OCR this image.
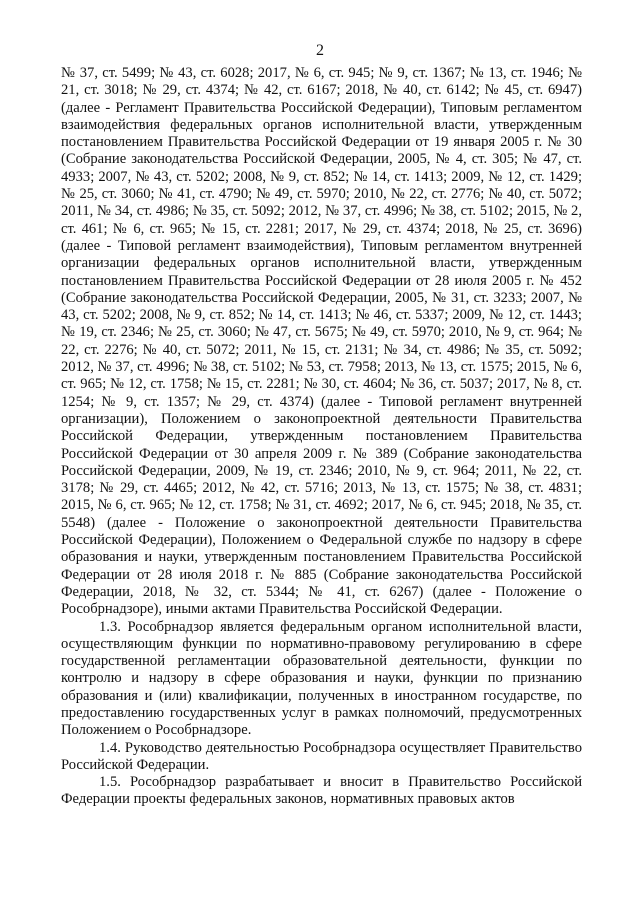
2

№ 37, ст. 5499; № 43, ст. 6028; 2017, № 6, ст. 945; № 9, ст. 1367; № 13, ст. 1946; № 21, ст. 3018; № 29, ст. 4374; № 42, ст. 6167; 2018, № 40, ст. 6142; № 45, ст. 6947) (далее - Регламент Правительства Российской Федерации), Типовым регламентом взаимодействия федеральных органов исполнительной власти, утвержденным постановлением Правительства Российской Федерации от 19 января 2005 г. № 30 (Собрание законодательства Российской Федерации, 2005, № 4, ст. 305; № 47, ст. 4933; 2007, № 43, ст. 5202; 2008, № 9, ст. 852; № 14, ст. 1413; 2009, № 12, ст. 1429; № 25, ст. 3060; № 41, ст. 4790; № 49, ст. 5970; 2010, № 22, ст. 2776; № 40, ст. 5072; 2011, № 34, ст. 4986; № 35, ст. 5092; 2012, № 37, ст. 4996; № 38, ст. 5102; 2015, № 2, ст. 461; № 6, ст. 965; № 15, ст. 2281; 2017, № 29, ст. 4374; 2018, № 25, ст. 3696) (далее - Типовой регламент взаимодействия), Типовым регламентом внутренней организации федеральных органов исполнительной власти, утвержденным постановлением Правительства Российской Федерации от 28 июля 2005 г. № 452 (Собрание законодательства Российской Федерации, 2005, № 31, ст. 3233; 2007, № 43, ст. 5202; 2008, № 9, ст. 852; № 14, ст. 1413; № 46, ст. 5337; 2009, № 12, ст. 1443; № 19, ст. 2346; № 25, ст. 3060; № 47, ст. 5675; № 49, ст. 5970; 2010, № 9, ст. 964; № 22, ст. 2276; № 40, ст. 5072; 2011, № 15, ст. 2131; № 34, ст. 4986; № 35, ст. 5092; 2012, № 37, ст. 4996; № 38, ст. 5102; № 53, ст. 7958; 2013, № 13, ст. 1575; 2015, № 6, ст. 965; № 12, ст. 1758; № 15, ст. 2281; № 30, ст. 4604; № 36, ст. 5037; 2017, № 8, ст. 1254; № 9, ст. 1357; № 29, ст. 4374) (далее - Типовой регламент внутренней организации), Положением о законопроектной деятельности Правительства Российской Федерации, утвержденным постановлением Правительства Российской Федерации от 30 апреля 2009 г. № 389 (Собрание законодательства Российской Федерации, 2009, № 19, ст. 2346; 2010, № 9, ст. 964; 2011, № 22, ст. 3178; № 29, ст. 4465; 2012, № 42, ст. 5716; 2013, № 13, ст. 1575; № 38, ст. 4831; 2015, № 6, ст. 965; № 12, ст. 1758; № 31, ст. 4692; 2017, № 6, ст. 945; 2018, № 35, ст. 5548) (далее - Положение о законопроектной деятельности Правительства Российской Федерации), Положением о Федеральной службе по надзору в сфере образования и науки, утвержденным постановлением Правительства Российской Федерации от 28 июля 2018 г. № 885 (Собрание законодательства Российской Федерации, 2018, № 32, ст. 5344; № 41, ст. 6267) (далее - Положение о Рособрнадзоре), иными актами Правительства Российской Федерации.

1.3. Рособрнадзор является федеральным органом исполнительной власти, осуществляющим функции по нормативно-правовому регулированию в сфере государственной регламентации образовательной деятельности, функции по контролю и надзору в сфере образования и науки, функции по признанию образования и (или) квалификации, полученных в иностранном государстве, по предоставлению государственных услуг в рамках полномочий, предусмотренных Положением о Рособрнадзоре.

1.4. Руководство деятельностью Рособрнадзора осуществляет Правительство Российской Федерации.

1.5. Рособрнадзор разрабатывает и вносит в Правительство Российской Федерации проекты федеральных законов, нормативных правовых актов
